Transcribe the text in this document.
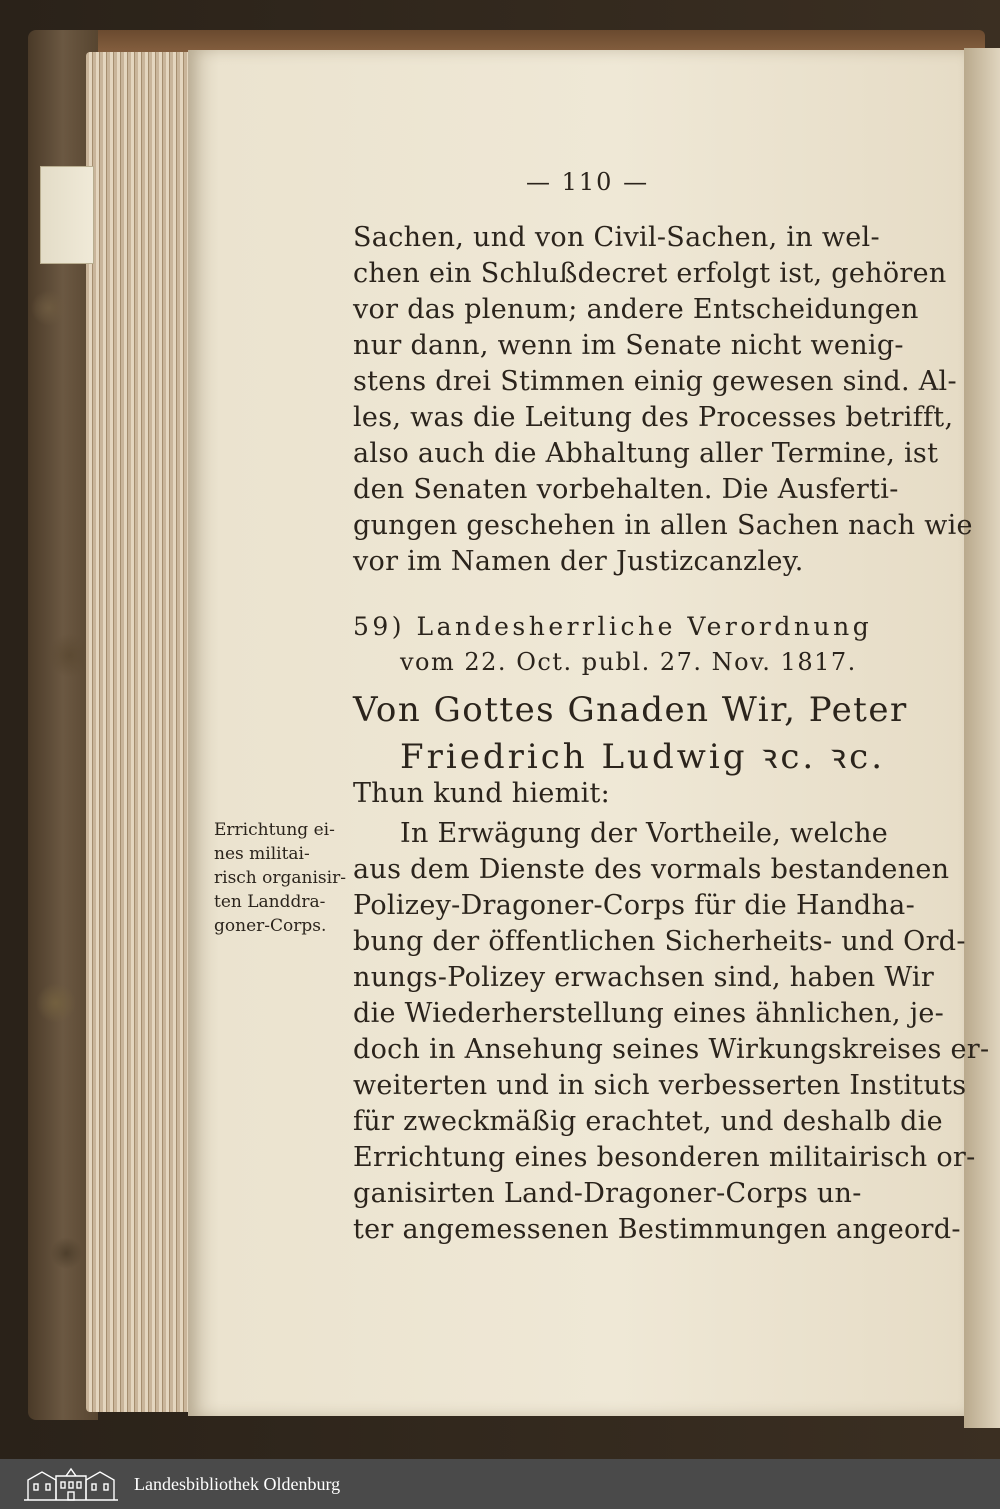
— 110 —
Sachen, und von Civil-Sachen, in wel-
chen ein Schlußdecret erfolgt ist, gehören
vor das plenum; andere Entscheidungen
nur dann, wenn im Senate nicht wenig-
stens drei Stimmen einig gewesen sind. Al-
les, was die Leitung des Processes betrifft,
also auch die Abhaltung aller Termine, ist
den Senaten vorbehalten. Die Ausferti-
gungen geschehen in allen Sachen nach wie
vor im Namen der Justizcanzley.
59) Landesherrliche Verordnung
vom 22. Oct. publ. 27. Nov. 1817.
Von Gottes Gnaden Wir, Peter
Friedrich Ludwig ꝛc. ꝛc.
Thun kund hiemit:
In Erwägung der Vortheile, welche
aus dem Dienste des vormals bestandenen
Polizey-Dragoner-Corps für die Handha-
bung der öffentlichen Sicherheits- und Ord-
nungs-Polizey erwachsen sind, haben Wir
die Wiederherstellung eines ähnlichen, je-
doch in Ansehung seines Wirkungskreises er-
weiterten und in sich verbesserten Instituts
für zweckmäßig erachtet, und deshalb die
Errichtung eines besonderen militairisch or-
ganisirten Land-Dragoner-Corps un-
ter angemessenen Bestimmungen angeord-
Errichtung ei-
nes militai-
risch organisir-
ten Landdra-
goner-Corps.
Landesbibliothek Oldenburg
